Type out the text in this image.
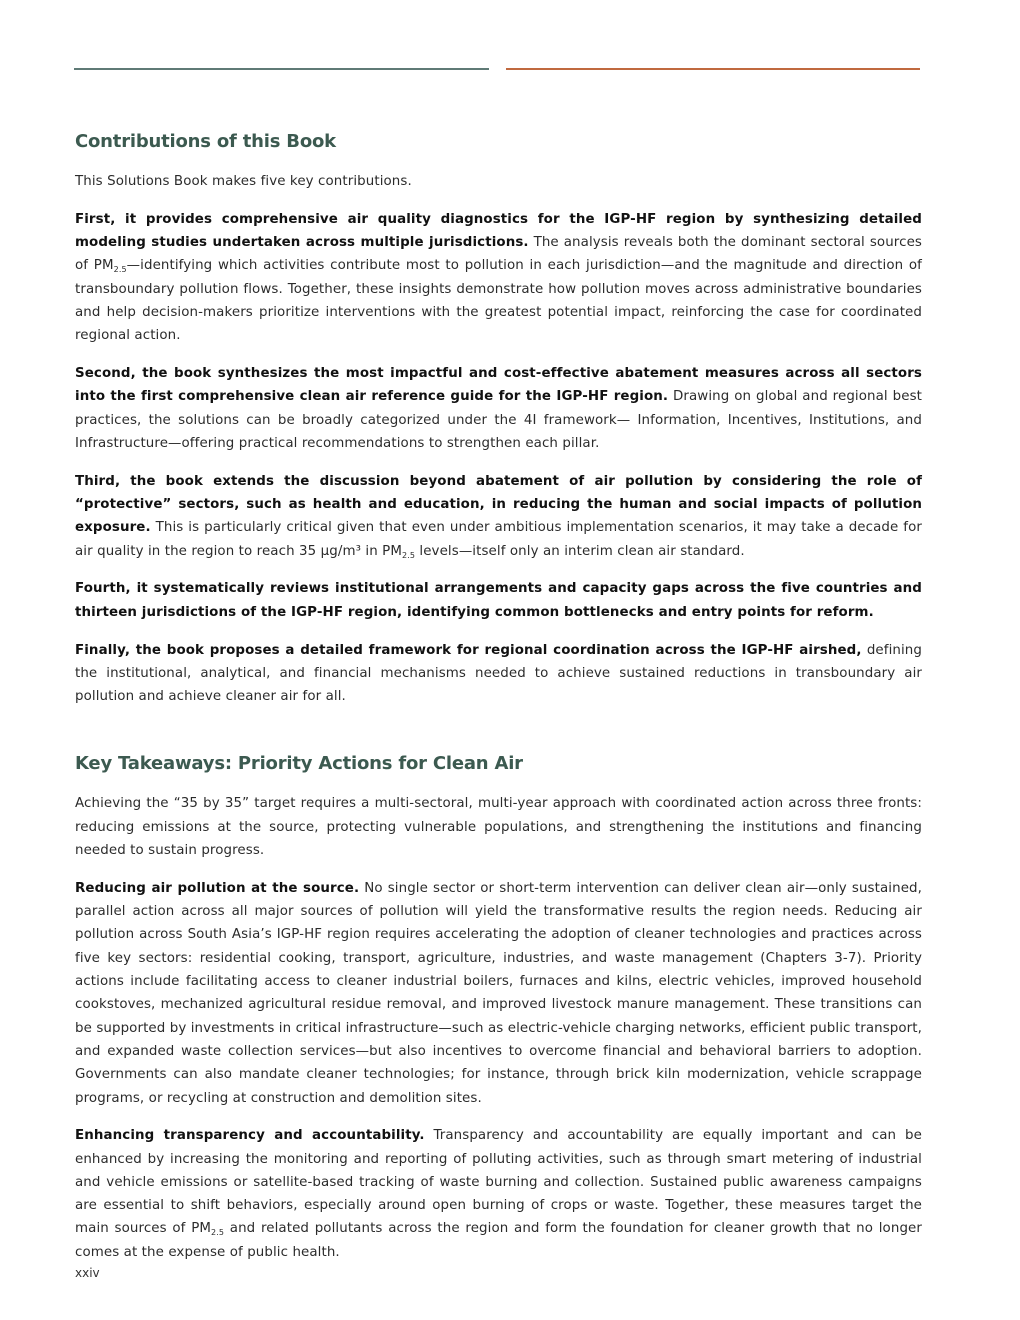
Contributions of this Book

This Solutions Book makes five key contributions.

First, it provides comprehensive air quality diagnostics for the IGP-HF region by synthesizing detailed modeling studies undertaken across multiple jurisdictions. The analysis reveals both the dominant sectoral sources of $PM_{2.5}—identifying$ which activities contribute most to pollution in each jurisdiction—and the magnitude and direction of transboundary pollution flows. Together, these insights demonstrate how pollution moves across administrative boundaries and help decision-makers prioritize interventions with the greatest potential impact, reinforcing the case for coordinated regional action.

Second, the book synthesizes the most impactful and cost-effective abatement measures across all sectors into the first comprehensive clean air reference guide for the IGP-HF region. Drawing on global and regional best practices, the solutions can be broadly categorized under the 4I framework— Information, Incentives, Institutions, and Infrastructure—offering practical recommendations to strengthen each pillar.

Third, the book extends the discussion beyond abatement of air pollution by considering the role of “protective” sectors, such as health and education, in reducing the human and social impacts of pollution exposure. This is particularly critical given that even under ambitious implementation scenarios, it may take a decade for air quality in the region to reach 35 µg/m³ in $PM_{2.5}$ levels—itself only an interim clean air standard.

Fourth, it systematically reviews institutional arrangements and capacity gaps across the five countries and thirteen jurisdictions of the IGP-HF region, identifying common bottlenecks and entry points for reform.

Finally, the book proposes a detailed framework for regional coordination across the IGP-HF airshed, defining the institutional, analytical, and financial mechanisms needed to achieve sustained reductions in transboundary air pollution and achieve cleaner air for all.

Key Takeaways: Priority Actions for Clean Air

Achieving the “35 by 35” target requires a multi-sectoral, multi-year approach with coordinated action across three fronts: reducing emissions at the source, protecting vulnerable populations, and strengthening the institutions and financing needed to sustain progress.

Reducing air pollution at the source. No single sector or short-term intervention can deliver clean air—only sustained, parallel action across all major sources of pollution will yield the transformative results the region needs. Reducing air pollution across South Asia’s IGP-HF region requires accelerating the adoption of cleaner technologies and practices across five key sectors: residential cooking, transport, agriculture, industries, and waste management (Chapters 3-7). Priority actions include facilitating access to cleaner industrial boilers, furnaces and kilns, electric vehicles, improved household cookstoves, mechanized agricultural residue removal, and improved livestock manure management. These transitions can be supported by investments in critical infrastructure—such as electric-vehicle charging networks, efficient public transport, and expanded waste collection services—but also incentives to overcome financial and behavioral barriers to adoption. Governments can also mandate cleaner technologies; for instance, through brick kiln modernization, vehicle scrappage programs, or recycling at construction and demolition sites.

Enhancing transparency and accountability. Transparency and accountability are equally important and can be enhanced by increasing the monitoring and reporting of polluting activities, such as through smart metering of industrial and vehicle emissions or satellite-based tracking of waste burning and collection. Sustained public awareness campaigns are essential to shift behaviors, especially around open burning of crops or waste. Together, these measures target the main sources of $PM_{2.5}$ and related pollutants across the region and form the foundation for cleaner growth that no longer comes at the expense of public health.

xxiv
